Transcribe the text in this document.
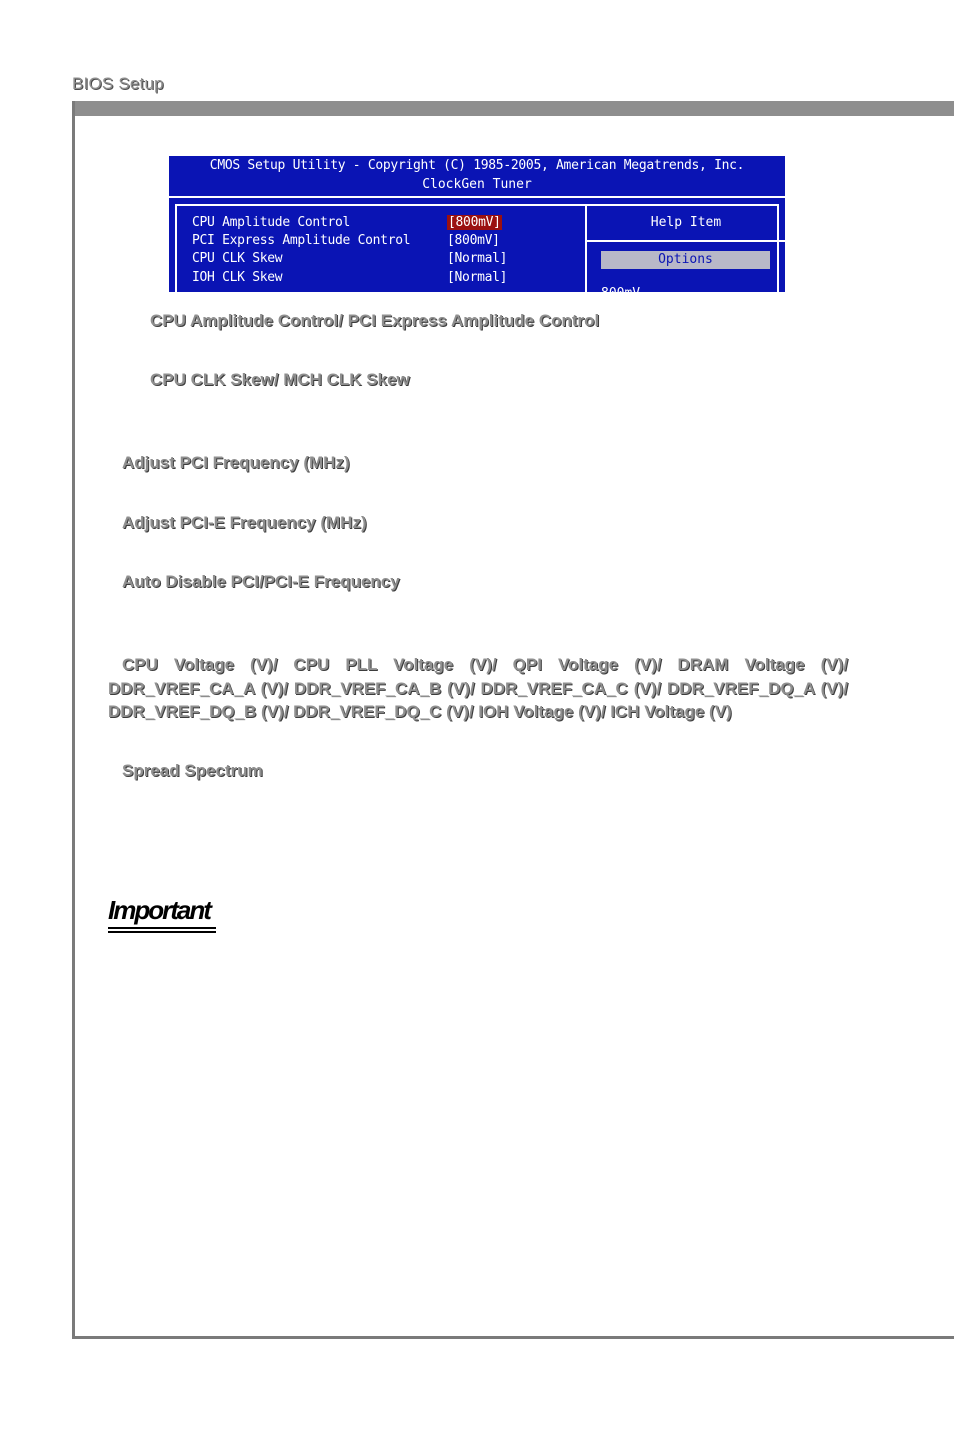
BIOS Setup
CMOS Setup Utility - Copyright (C) 1985-2005, American Megatrends, Inc.
ClockGen Tuner
CPU Amplitude Control	[800mV]
PCI Express Amplitude Control	[800mV]
CPU CLK Skew	[Normal]
IOH CLK Skew	[Normal]
Help Item
Options
800mV
CPU Amplitude Control/ PCI Express Amplitude Control
CPU CLK Skew/ MCH CLK Skew
Adjust PCI Frequency (MHz)
Adjust PCI-E Frequency (MHz)
Auto Disable PCI/PCI-E Frequency
CPU Voltage (V)/ CPU PLL Voltage (V)/ QPI Voltage (V)/ DRAM Voltage (V)/ DDR_VREF_CA_A (V)/ DDR_VREF_CA_B (V)/ DDR_VREF_CA_C (V)/ DDR_VREF_DQ_A (V)/ DDR_VREF_DQ_B (V)/ DDR_VREF_DQ_C (V)/ IOH Voltage (V)/ ICH Voltage (V)
Spread Spectrum
Important
